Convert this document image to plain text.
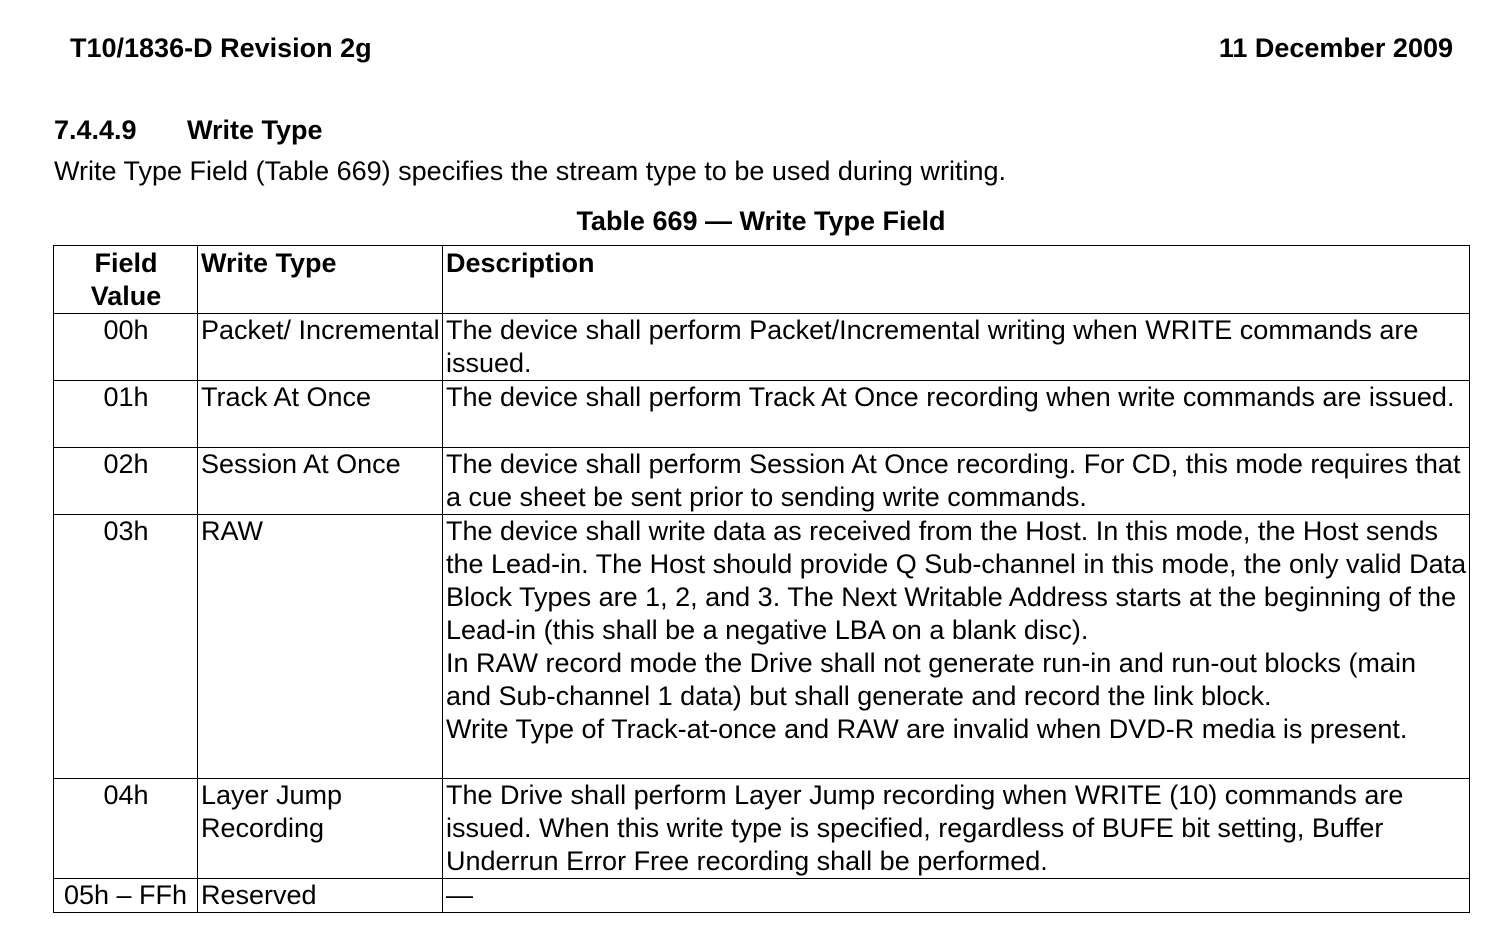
T10/1836-D Revision 2g	11 December 2009
7.4.4.9 Write Type
Write Type Field (Table 669) specifies the stream type to be used during writing.
Table 669 — Write Type Field
Field
Value	Write Type	Description
00h	Packet/ Incremental	The device shall perform Packet/Incremental writing when WRITE commands are issued.
01h	Track At Once	The device shall perform Track At Once recording when write commands are issued.
02h	Session At Once	The device shall perform Session At Once recording. For CD, this mode requires that a cue sheet be sent prior to sending write commands.
03h	RAW	The device shall write data as received from the Host. In this mode, the Host sends the Lead-in. The Host should provide Q Sub-channel in this mode, the only valid Data Block Types are 1, 2, and 3. The Next Writable Address starts at the beginning of the Lead-in (this shall be a negative LBA on a blank disc).
In RAW record mode the Drive shall not generate run-in and run-out blocks (main and Sub-channel 1 data) but shall generate and record the link block.
Write Type of Track-at-once and RAW are invalid when DVD-R media is present.

04h	Layer Jump Recording	The Drive shall perform Layer Jump recording when WRITE (10) commands are issued. When this write type is specified, regardless of BUFE bit setting, Buffer Underrun Error Free recording shall be performed.
05h – FFh	Reserved	—
